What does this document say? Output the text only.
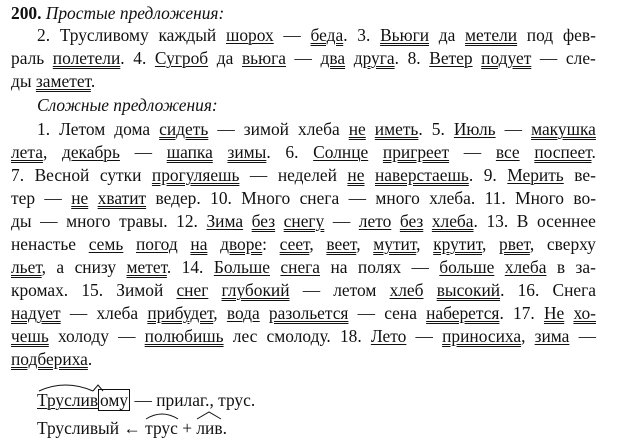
200. Простые предложения:
2. Трусливому каждый шорох — беда. 3. Вьюги да метели под фев-
раль полетели. 4. Сугроб да вьюга — два друга. 8. Ветер подует — сле-
ды заметет.
Сложные предложения:
1. Летом дома сидеть — зимой хлеба не иметь. 5. Июль — макушка
лета, декабрь — шапка зимы. 6. Солнце пригреет — все поспеет.
7. Весной сутки прогуляешь — неделей не наверстаешь. 9. Мерить ве-
тер — не хватит ведер. 10. Много снега — много хлеба. 11. Много во-
ды — много травы. 12. Зима без снегу — лето без хлеба. 13. В осеннее
ненастье семь погод на дворе: сеет, веет, мутит, крутит, рвет, сверху
льет, а снизу метет. 14. Больше снега на полях — больше хлеба в за-
кромах. 15. Зимой снег глубокий — летом хлеб высокий. 16. Снега
надует — хлеба прибудет, вода разольется — сена наберется. 17. Не хо-
чешь холоду — полюбишь лес смолоду. 18. Лето — приносиха, зима —
подбериха.
Труслив ому — прилаг., трус.
Трусливый ← трус + лив.
